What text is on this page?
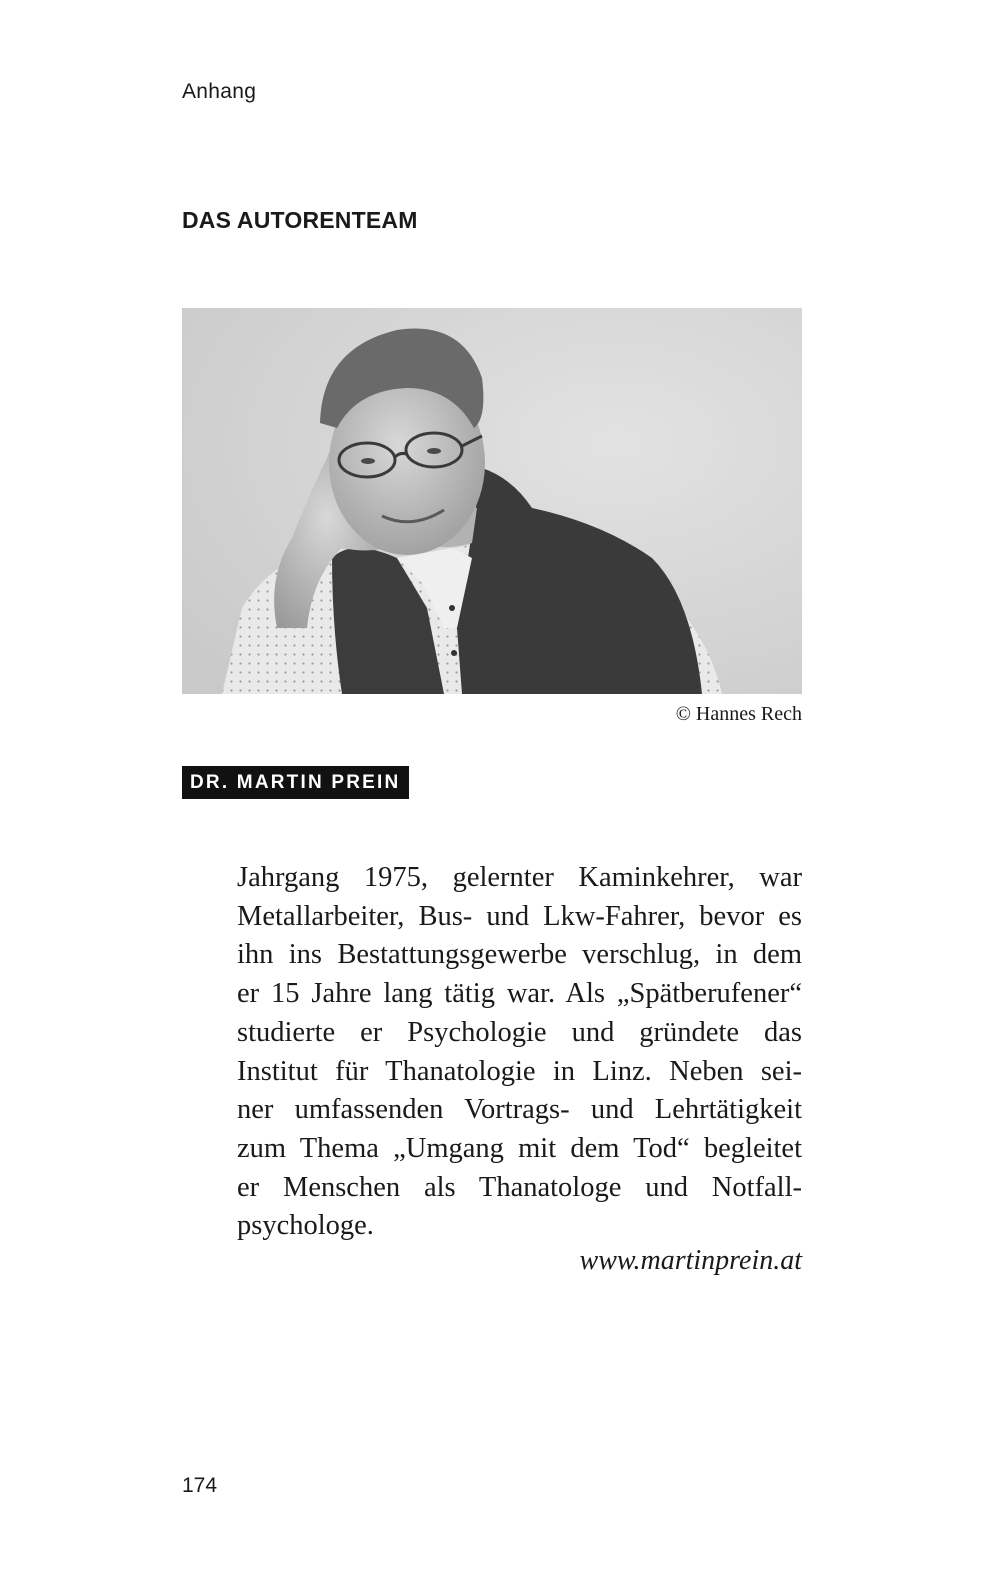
Anhang
DAS AUTORENTEAM
© Hannes Rech
DR. MARTIN PREIN
Jahrgang 1975, gelernter Kaminkehrer, war
Metallarbeiter, Bus- und Lkw-Fahrer, bevor es
ihn ins Bestattungsgewerbe verschlug, in dem
er 15 Jahre lang tätig war. Als „Spätberufener“
studierte er Psychologie und gründete das
Institut für Thanatologie in Linz. Neben sei-
ner umfassenden Vortrags- und Lehrtätigkeit
zum Thema „Umgang mit dem Tod“ begleitet
er Menschen als Thanatologe und Notfall-
psychologe.
www.martinprein.at
174
